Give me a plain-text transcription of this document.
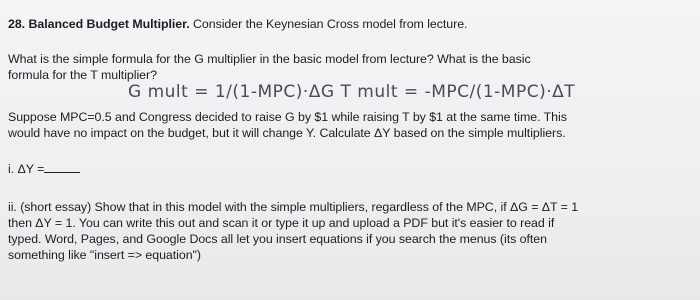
28. Balanced Budget Multiplier. Consider the Keynesian Cross model from lecture.
What is the simple formula for the G multiplier in the basic model from lecture? What is the basic
formula for the T multiplier?
G mult = 1/(1-MPC)·ΔG T mult = -MPC/(1-MPC)·ΔT
Suppose MPC=0.5 and Congress decided to raise G by $1 while raising T by $1 at the same time. This
would have no impact on the budget, but it will change Y. Calculate ΔY based on the simple multipliers.
i. ΔY =
ii. (short essay) Show that in this model with the simple multipliers, regardless of the MPC, if ΔG = ΔT = 1
then ΔY = 1. You can write this out and scan it or type it up and upload a PDF but it's easier to read if
typed. Word, Pages, and Google Docs all let you insert equations if you search the menus (its often
something like "insert => equation")
